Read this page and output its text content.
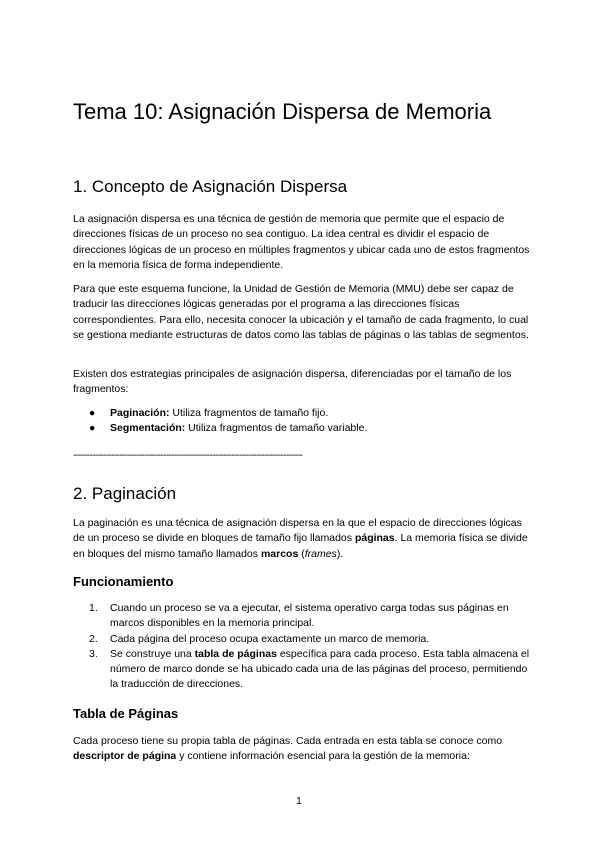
Tema 10: Asignación Dispersa de Memoria
1. Concepto de Asignación Dispersa

La asignación dispersa es una técnica de gestión de memoria que permite que el espacio de direcciones físicas de un proceso no sea contiguo. La idea central es dividir el espacio de direcciones lógicas de un proceso en múltiples fragmentos y ubicar cada uno de estos fragmentos en la memoria física de forma independiente.

Para que este esquema funcione, la Unidad de Gestión de Memoria (MMU) debe ser capaz de traducir las direcciones lógicas generadas por el programa a las direcciones físicas correspondientes. Para ello, necesita conocer la ubicación y el tamaño de cada fragmento, lo cual se gestiona mediante estructuras de datos como las tablas de páginas o las tablas de segmentos.

Existen dos estrategias principales de asignación dispersa, diferenciadas por el tamaño de los fragmentos:

● Paginación: Utiliza fragmentos de tamaño fijo.
● Segmentación: Utiliza fragmentos de tamaño variable.
------------------------------------------------------------------------------------
2. Paginación

La paginación es una técnica de asignación dispersa en la que el espacio de direcciones lógicas de un proceso se divide en bloques de tamaño fijo llamados páginas. La memoria física se divide en bloques del mismo tamaño llamados marcos (frames).

Funcionamiento
1. Cuando un proceso se va a ejecutar, el sistema operativo carga todas sus páginas en marcos disponibles en la memoria principal.
2. Cada página del proceso ocupa exactamente un marco de memoria.
3. Se construye una tabla de páginas específica para cada proceso. Esta tabla almacena el número de marco donde se ha ubicado cada una de las páginas del proceso, permitiendo la traducción de direcciones.
Tabla de Páginas

Cada proceso tiene su propia tabla de páginas. Cada entrada en esta tabla se conoce como descriptor de página y contiene información esencial para la gestión de la memoria:

1
